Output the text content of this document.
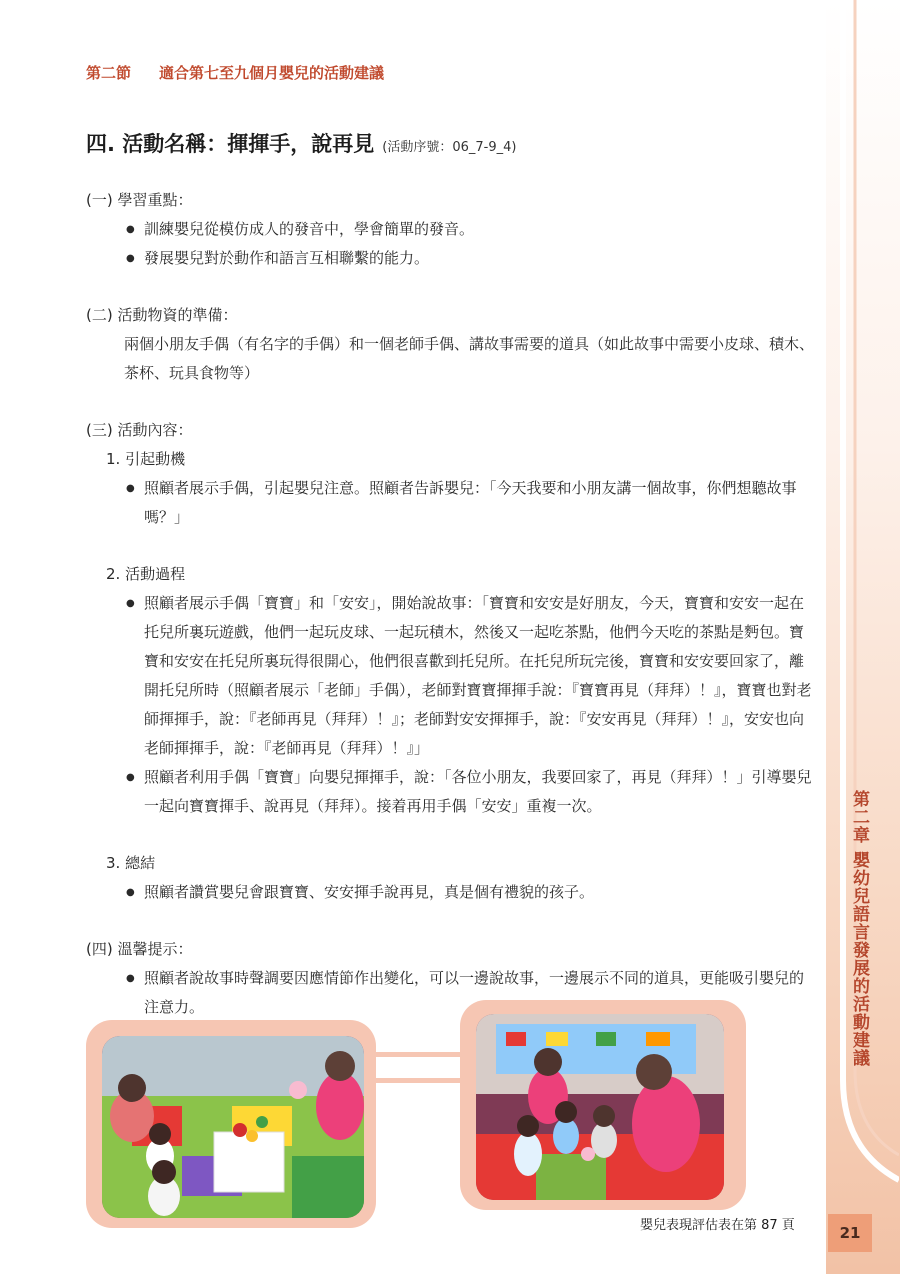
第二章 嬰幼兒語言發展的活動建議
21
第二節 適合第七至九個月嬰兒的活動建議
四. 活動名稱：揮揮手，說再見 (活動序號：06_7-9_4)
(一) 學習重點：
● 訓練嬰兒從模仿成人的發音中，學會簡單的發音。
● 發展嬰兒對於動作和語言互相聯繫的能力。
(二) 活動物資的準備：
兩個小朋友手偶（有名字的手偶）和一個老師手偶、講故事需要的道具（如此故事中需要小皮球、積木、茶杯、玩具食物等）
(三) 活動內容：
1. 引起動機
● 照顧者展示手偶，引起嬰兒注意。照顧者告訴嬰兒：「今天我要和小朋友講一個故事，你們想聽故事嗎？」
2. 活動過程
● 照顧者展示手偶「寶寶」和「安安」，開始說故事：「寶寶和安安是好朋友，今天，寶寶和安安一起在托兒所裏玩遊戲，他們一起玩皮球、一起玩積木，然後又一起吃茶點，他們今天吃的茶點是麪包。寶寶和安安在托兒所裏玩得很開心，他們很喜歡到托兒所。在托兒所玩完後，寶寶和安安要回家了，離開托兒所時（照顧者展示「老師」手偶），老師對寶寶揮揮手說：『寶寶再見（拜拜）！』，寶寶也對老師揮揮手，說：『老師再見（拜拜）！』；老師對安安揮揮手，說：『安安再見（拜拜）！』，安安也向老師揮揮手，說：『老師再見（拜拜）！』」
● 照顧者利用手偶「寶寶」向嬰兒揮揮手，說：「各位小朋友，我要回家了，再見（拜拜）！」引導嬰兒一起向寶寶揮手、說再見（拜拜）。接着再用手偶「安安」重複一次。
3. 總結
● 照顧者讚賞嬰兒會跟寶寶、安安揮手說再見，真是個有禮貌的孩子。
(四) 溫馨提示：
● 照顧者說故事時聲調要因應情節作出變化，可以一邊說故事，一邊展示不同的道具，更能吸引嬰兒的注意力。
嬰兒表現評估表在第 87 頁
